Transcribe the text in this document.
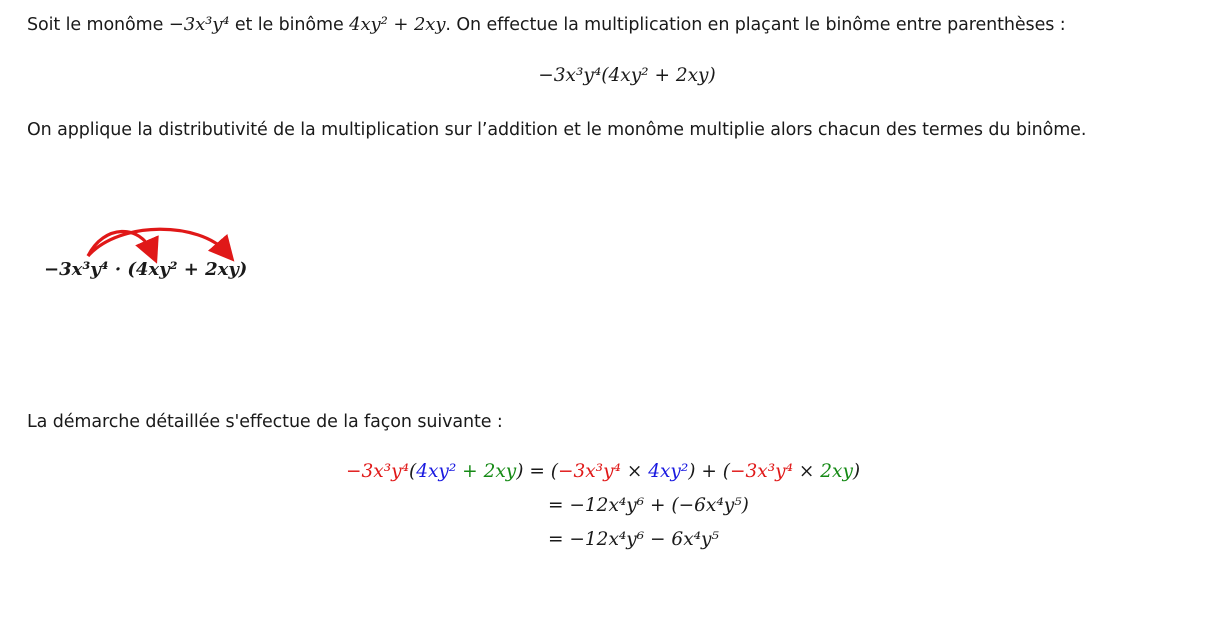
Soit le monôme −3x³y⁴ et le binôme 4xy² + 2xy. On effectue la multiplication en plaçant le binôme entre parenthèses :
−3x³y⁴(4xy² + 2xy)
On applique la distributivité de la multiplication sur l’addition et le monôme multiplie alors chacun des termes du binôme.
−3x³y⁴ · (4xy² + 2xy)
La démarche détaillée s'effectue de la façon suivante :
−3x³y⁴(4xy² + 2xy) = (−3x³y⁴ × 4xy²) + (−3x³y⁴ × 2xy)
= −12x⁴y⁶ + (−6x⁴y⁵)
= −12x⁴y⁶ − 6x⁴y⁵
